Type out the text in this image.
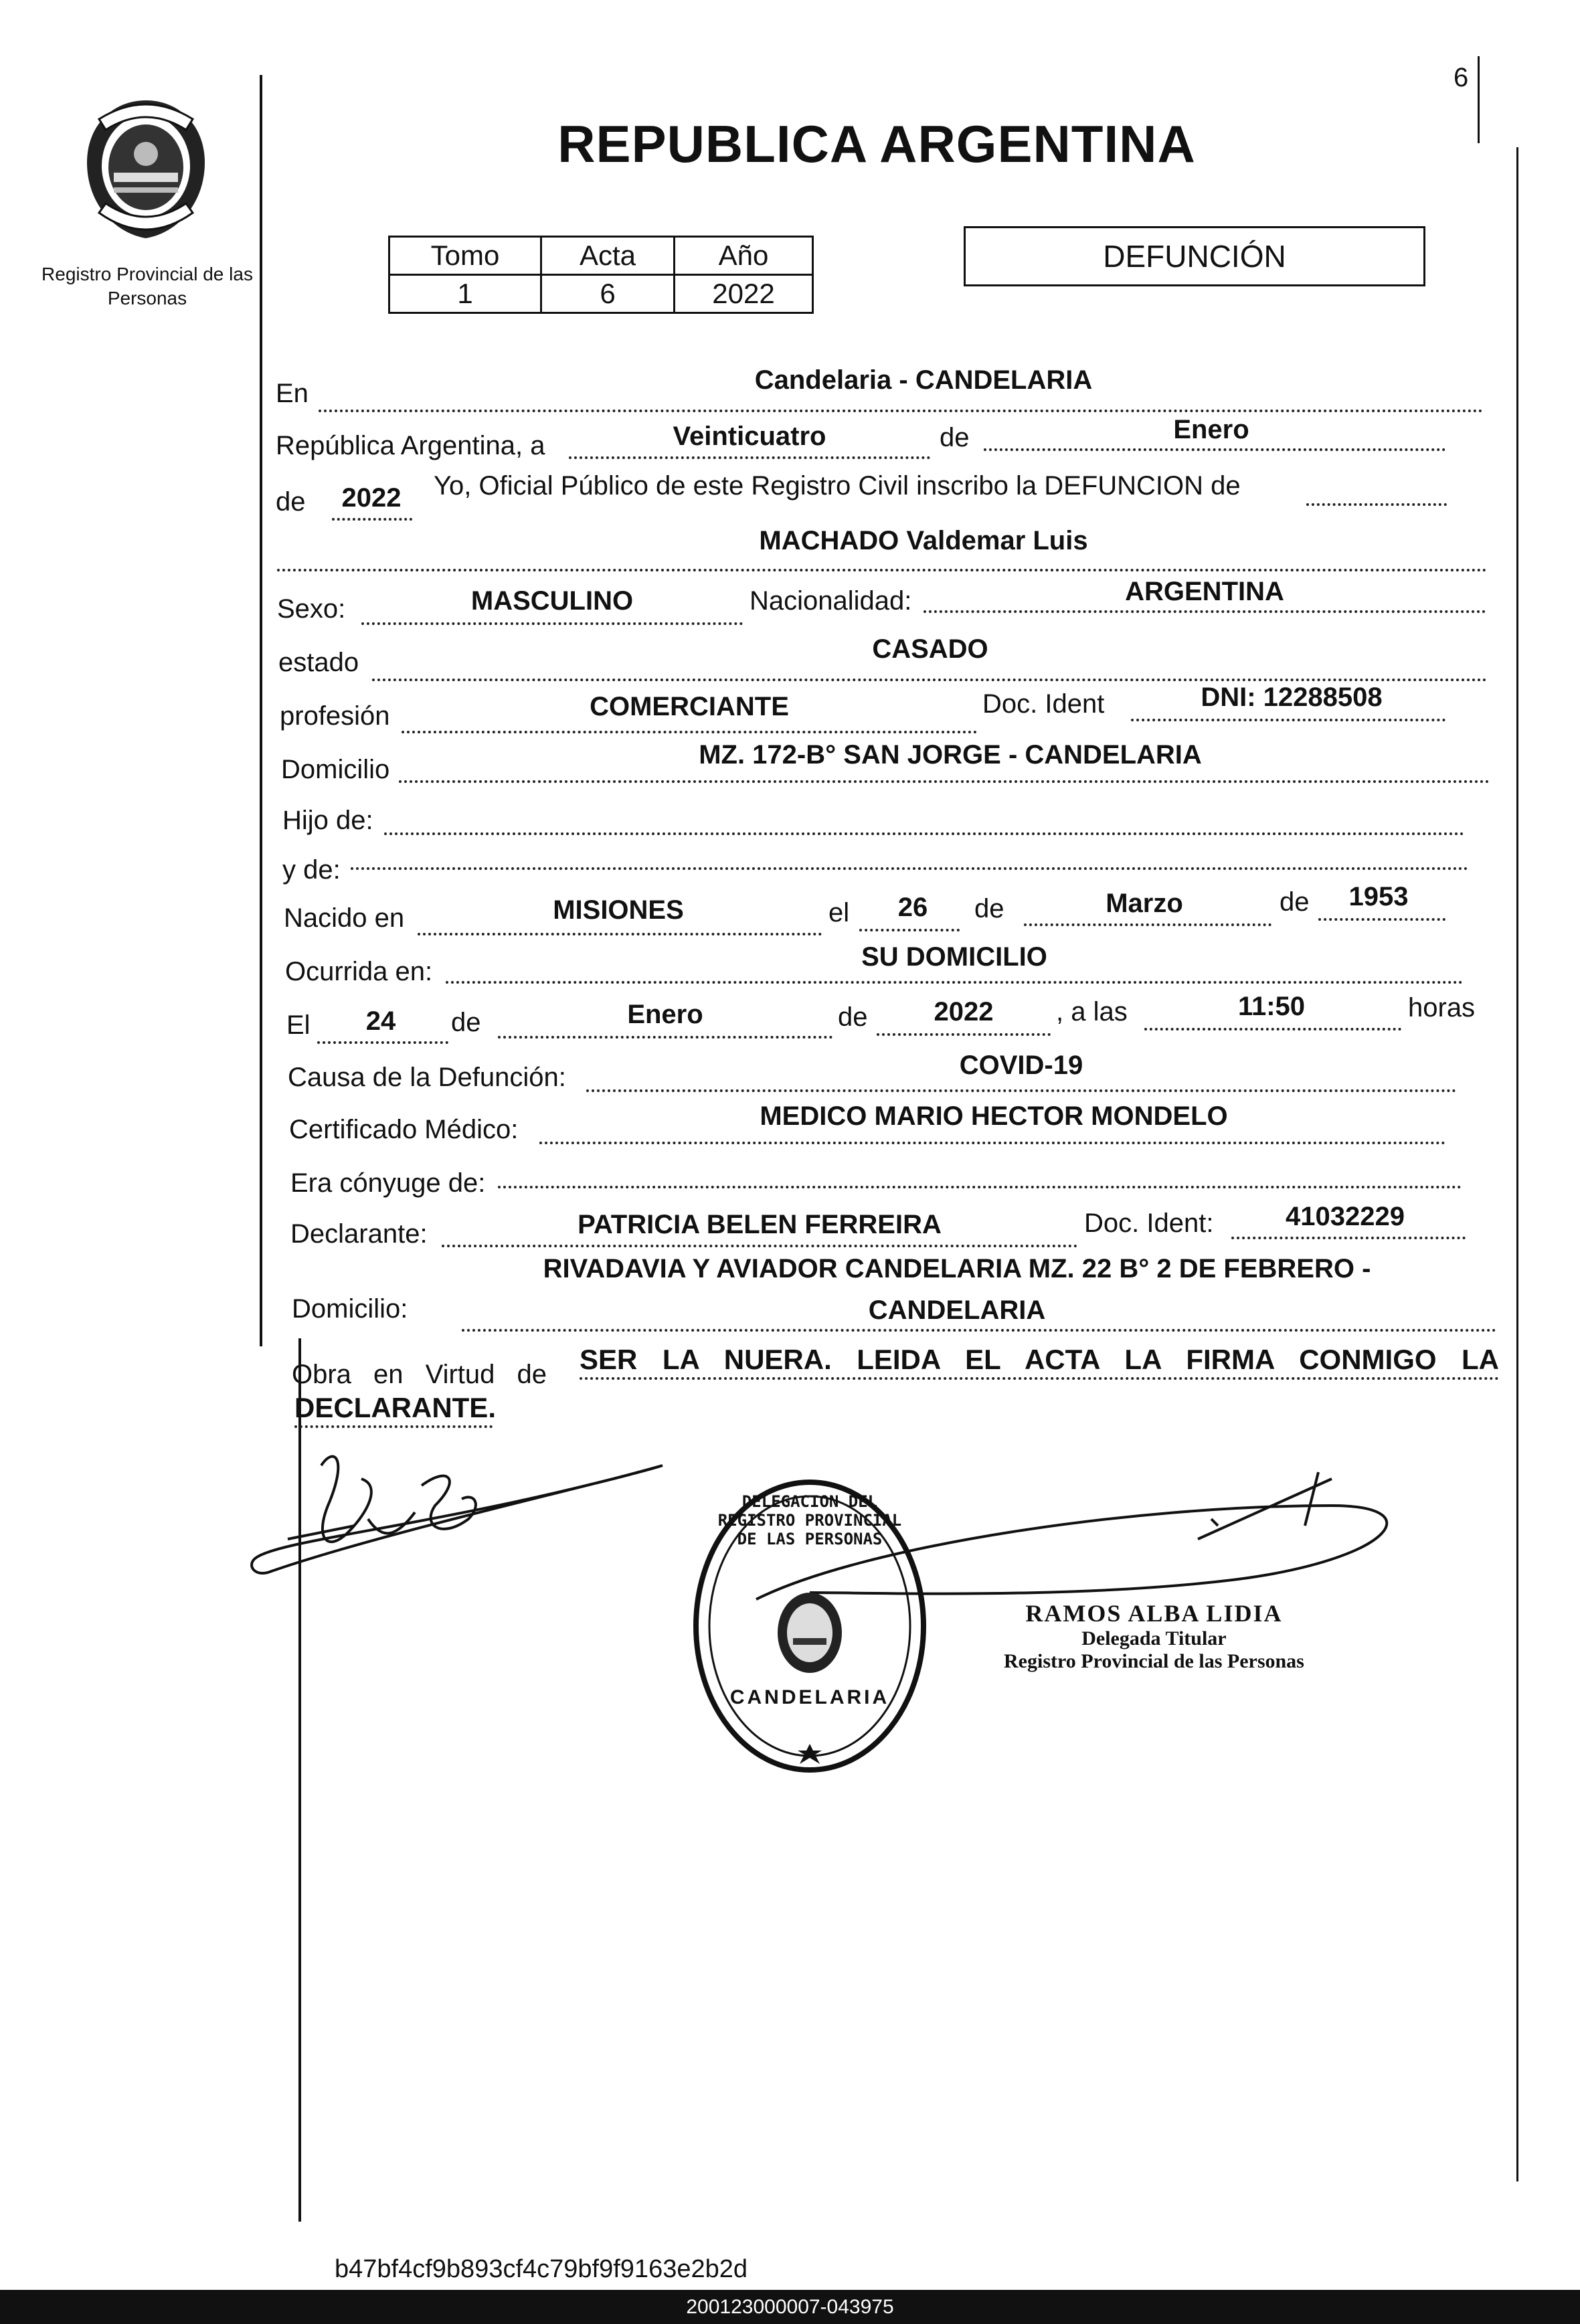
6
Registro Provincial de las Personas
REPUBLICA ARGENTINA
Tomo	Acta	Año
1	6	2022
DEFUNCIÓN
En	Candelaria - CANDELARIA
República Argentina, a	Veinticuatro	de	Enero
de	2022	Yo, Oficial Público de este Registro Civil inscribo la DEFUNCION de
MACHADO Valdemar Luis
Sexo:	MASCULINO	Nacionalidad:	ARGENTINA
estado	CASADO
profesión	COMERCIANTE	Doc. Ident	DNI: 12288508
Domicilio	MZ. 172-B° SAN JORGE - CANDELARIA
Hijo de:
y de:
Nacido en	MISIONES	el	26	de	Marzo	de	1953
Ocurrida en:	SU DOMICILIO
El	24	de	Enero	de	2022	, a las	11:50	horas
Causa de la Defunción:	COVID-19
Certificado Médico:	MEDICO MARIO HECTOR MONDELO
Era cónyuge de:
Declarante:	PATRICIA BELEN FERREIRA	Doc. Ident:	41032229
Domicilio:
RIVADAVIA Y AVIADOR CANDELARIA MZ. 22 B° 2 DE FEBRERO -
CANDELARIA
Obra en Virtud de SER LA NUERA. LEIDA EL ACTA LA FIRMA CONMIGO LA
DECLARANTE.
DELEGACION DEL REGISTRO PROVINCIAL DE LAS PERSONAS
CANDELARIA
RAMOS ALBA LIDIA
Delegada Titular
Registro Provincial de las Personas
b47bf4cf9b893cf4c79bf9f9163e2b2d
200123000007-043975
